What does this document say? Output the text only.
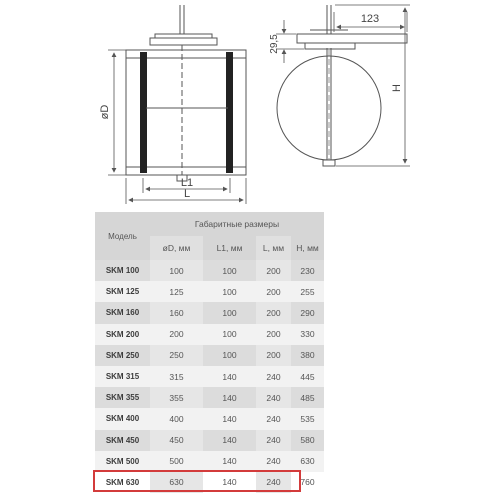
øD
L1
L
123
29,5
H
Модель	Габаритные размеры			
	øD, мм	L1, мм	L, мм	H, мм
SKM 100	100	100	200	230
SKM 125	125	100	200	255
SKM 160	160	100	200	290
SKM 200	200	100	200	330
SKM 250	250	100	200	380
SKM 315	315	140	240	445
SKM 355	355	140	240	485
SKM 400	400	140	240	535
SKM 450	450	140	240	580
SKM 500	500	140	240	630
SKM 630	630	140	240	760
